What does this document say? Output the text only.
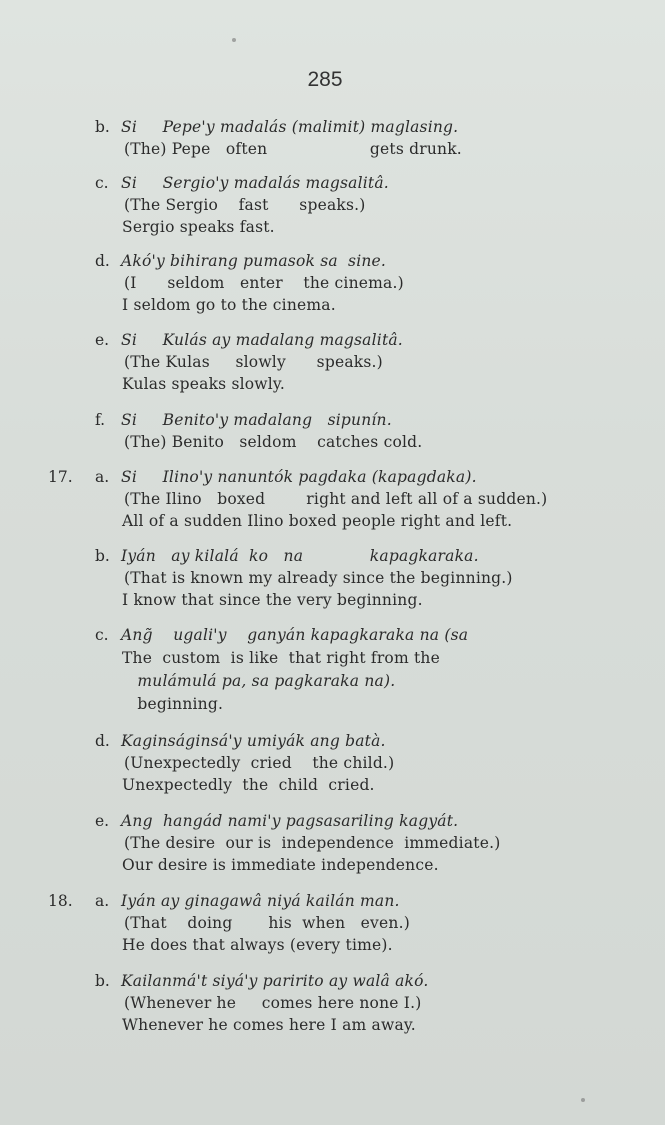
285
b. Si     Pepe'y madalás (malimit) maglasing.
(The) Pepe   often                    gets drunk.
c. Si     Sergio'y madalás magsalitâ.
(The Sergio    fast      speaks.)
Sergio speaks fast.
d. Akó'y bihirang pumasok sa  sine.
(I      seldom   enter    the cinema.)
I seldom go to the cinema.
e. Si     Kulás ay madalang magsalitâ.
(The Kulas     slowly      speaks.)
Kulas speaks slowly.
f. Si     Benito'y madalang   sipunín.
(The) Benito   seldom    catches cold.
17. a. Si     Ilino'y nanuntók pagdaka (kapagdaka).
(The Ilino   boxed        right and left all of a sudden.)
All of a sudden Ilino boxed people right and left.
b. Iyán   ay kilalá  ko   na             kapagkaraka.
(That is known my already since the beginning.)
I know that since the very beginning.
c. Ang̃    ugali'y    ganyán kapagkaraka na (sa
The  custom  is like  that right from the
mulámulá pa, sa pagkaraka na).
beginning.
d. Kaginságinsá'y umiyák ang batà.
(Unexpectedly  cried    the child.)
Unexpectedly  the  child  cried.
e. Ang  hangád nami'y pagsasariling kagyát.
(The desire  our is  independence  immediate.)
Our desire is immediate independence.
18. a. Iyán ay ginagawâ niyá kailán man.
(That    doing       his  when   even.)
He does that always (every time).
b. Kailanmá't siyá'y paririto ay walâ akó.
(Whenever he     comes here none I.)
Whenever he comes here I am away.
